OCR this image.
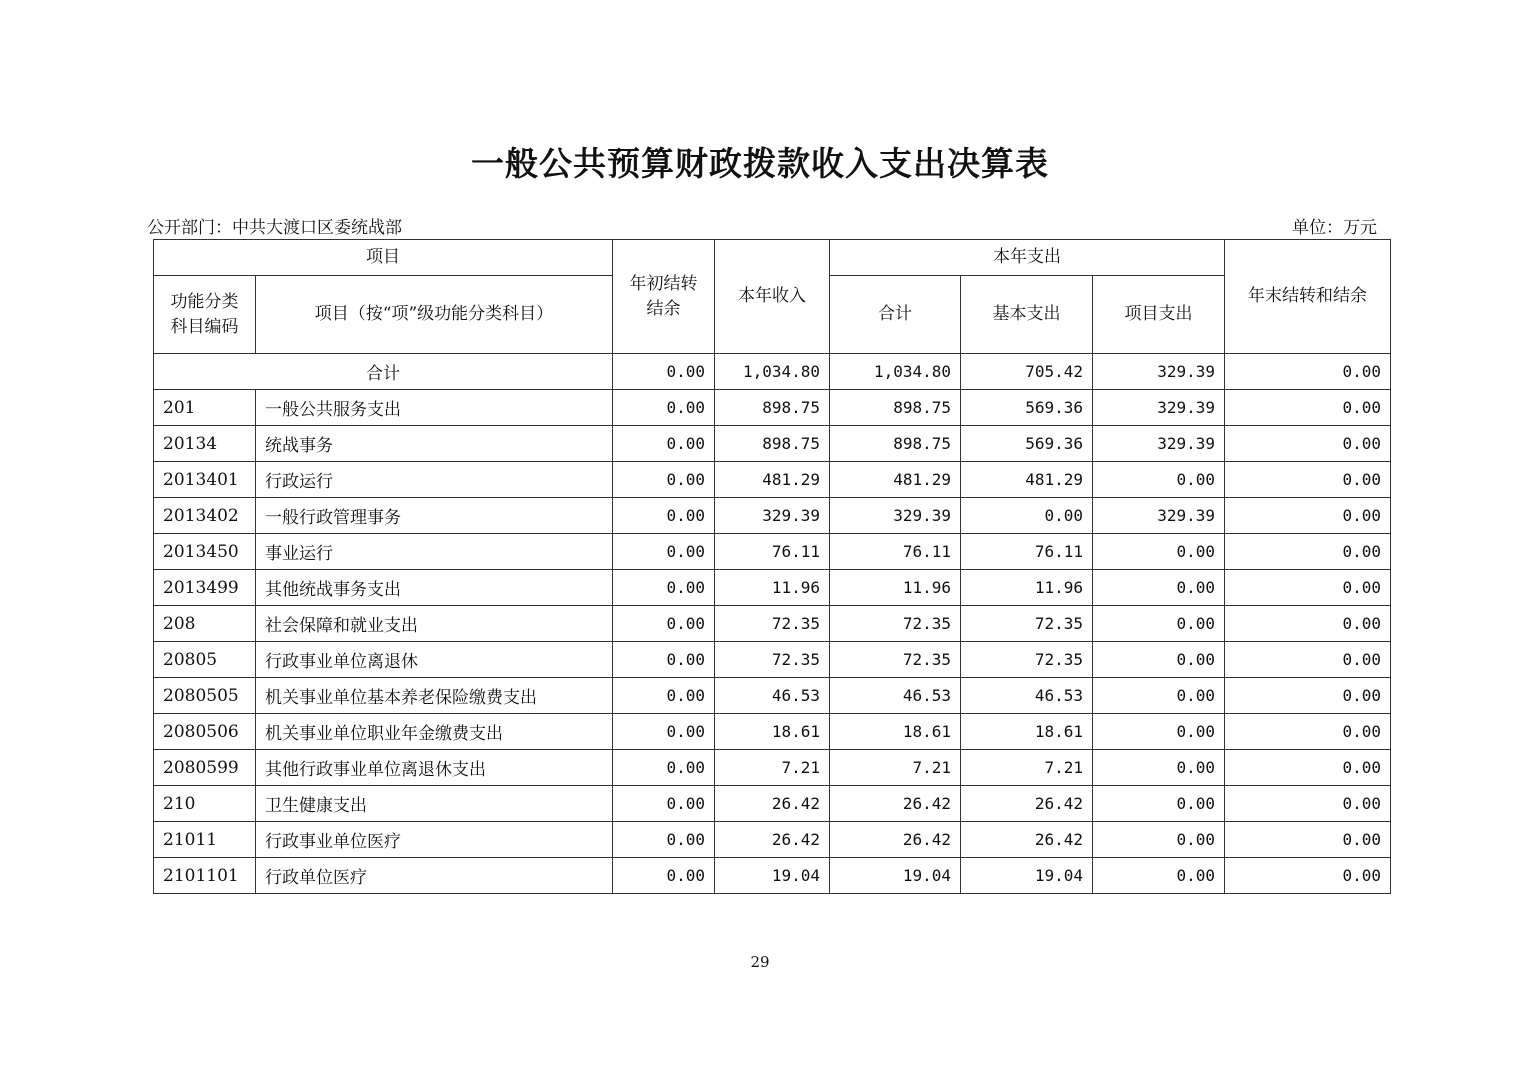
一般公共预算财政拨款收入支出决算表
公开部门：中共大渡口区委统战部	单位：万元
项目		年初结转结余	本年收入	本年支出			年末结转和结余
功能分类科目编码	项目（按“项”级功能分类科目）			合计	基本支出	项目支出	
合计		0.00	1,034.80	1,034.80	705.42	329.39	0.00
201	一般公共服务支出	0.00	898.75	898.75	569.36	329.39	0.00
20134	统战事务	0.00	898.75	898.75	569.36	329.39	0.00
2013401	行政运行	0.00	481.29	481.29	481.29	0.00	0.00
2013402	一般行政管理事务	0.00	329.39	329.39	0.00	329.39	0.00
2013450	事业运行	0.00	76.11	76.11	76.11	0.00	0.00
2013499	其他统战事务支出	0.00	11.96	11.96	11.96	0.00	0.00
208	社会保障和就业支出	0.00	72.35	72.35	72.35	0.00	0.00
20805	行政事业单位离退休	0.00	72.35	72.35	72.35	0.00	0.00
2080505	机关事业单位基本养老保险缴费支出	0.00	46.53	46.53	46.53	0.00	0.00
2080506	机关事业单位职业年金缴费支出	0.00	18.61	18.61	18.61	0.00	0.00
2080599	其他行政事业单位离退休支出	0.00	7.21	7.21	7.21	0.00	0.00
210	卫生健康支出	0.00	26.42	26.42	26.42	0.00	0.00
21011	行政事业单位医疗	0.00	26.42	26.42	26.42	0.00	0.00
2101101	行政单位医疗	0.00	19.04	19.04	19.04	0.00	0.00
29
